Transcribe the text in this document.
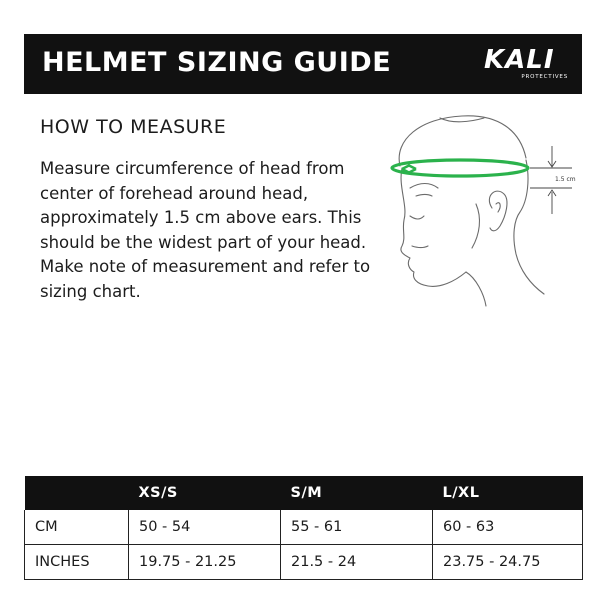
HELMET SIZING GUIDE	KALI
PROTECTIVES
HOW TO MEASURE

Measure circumference of head from center of forehead around head, approximately 1.5 cm above ears. This should be the widest part of your head. Make note of measurement and refer to sizing chart.

1.5 cm
	XS/S	S/M	L/XL
CM	50 - 54	55 - 61	60 - 63
INCHES	19.75 - 21.25	21.5 - 24	23.75 - 24.75
